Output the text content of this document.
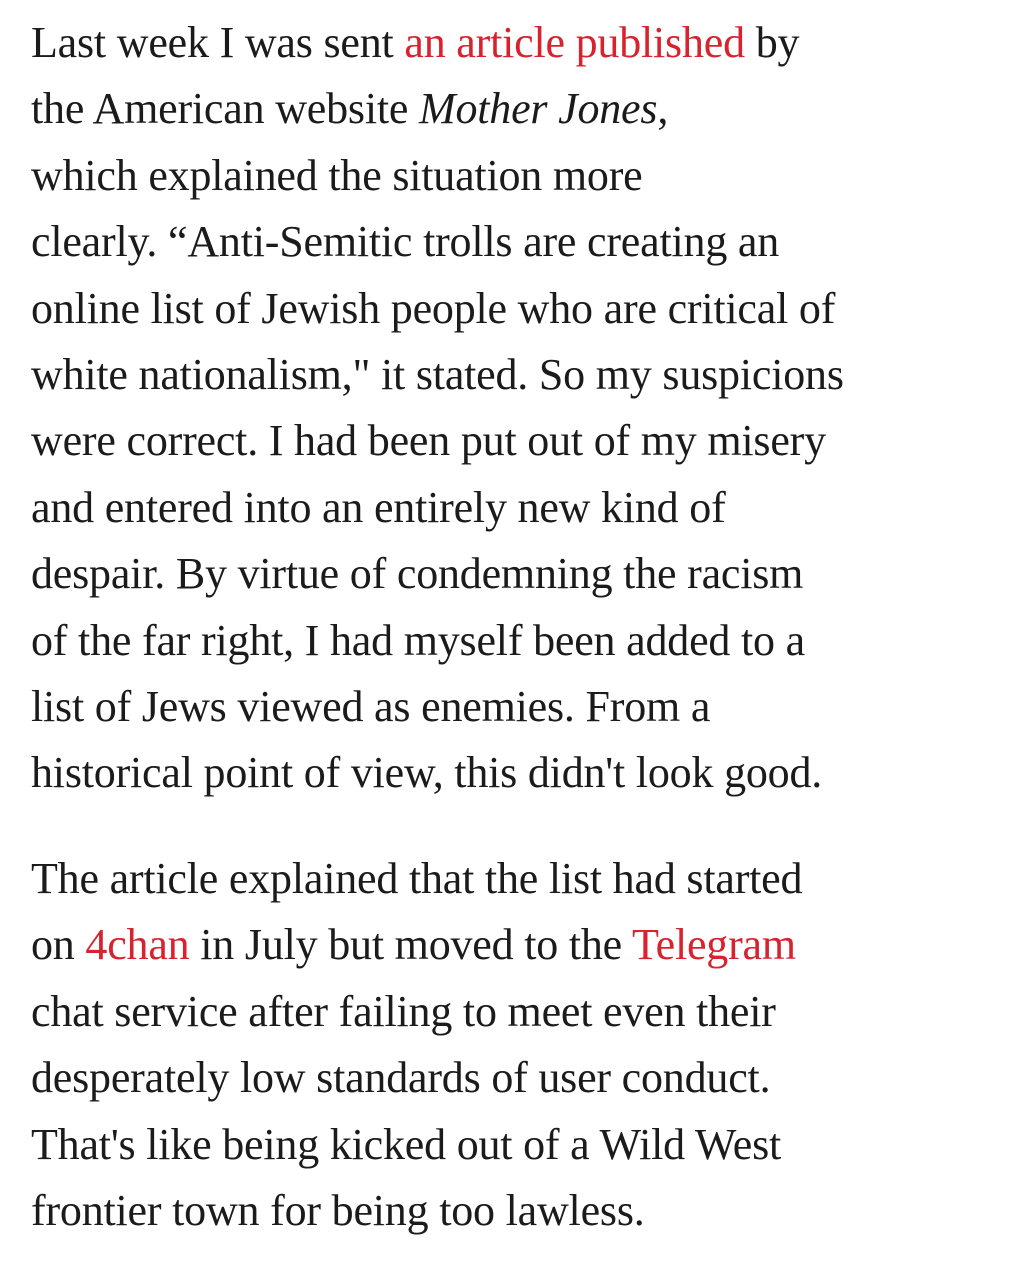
Last week I was sent an article published by
the American website Mother Jones,
which explained the situation more
clearly. “Anti-Semitic trolls are creating an
online list of Jewish people who are critical of
white nationalism," it stated. So my suspicions
were correct. I had been put out of my misery
and entered into an entirely new kind of
despair. By virtue of condemning the racism
of the far right, I had myself been added to a
list of Jews viewed as enemies. From a
historical point of view, this didn't look good.

The article explained that the list had started
on 4chan in July but moved to the Telegram
chat service after failing to meet even their
desperately low standards of user conduct.
That's like being kicked out of a Wild West
frontier town for being too lawless.
